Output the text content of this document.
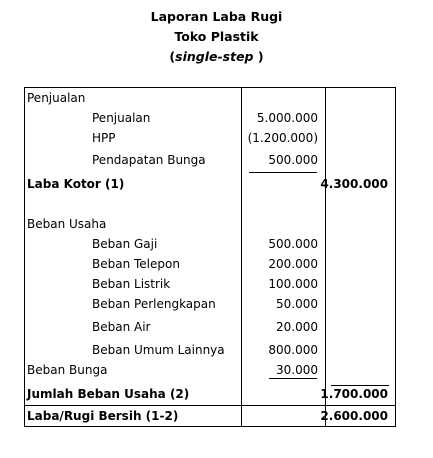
Laporan Laba Rugi
Toko Plastik
(single-step )
Penjualan
Penjualan	5.000.000
HPP	(1.200.000)
Pendapatan Bunga	500.000
Laba Kotor (1)	4.300.000
Beban Usaha
Beban Gaji	500.000
Beban Telepon	200.000
Beban Listrik	100.000
Beban Perlengkapan	50.000
Beban Air	20.000
Beban Umum Lainnya	800.000
Beban Bunga	30.000
Jumlah Beban Usaha (2)	1.700.000
Laba/Rugi Bersih (1-2)	2.600.000
